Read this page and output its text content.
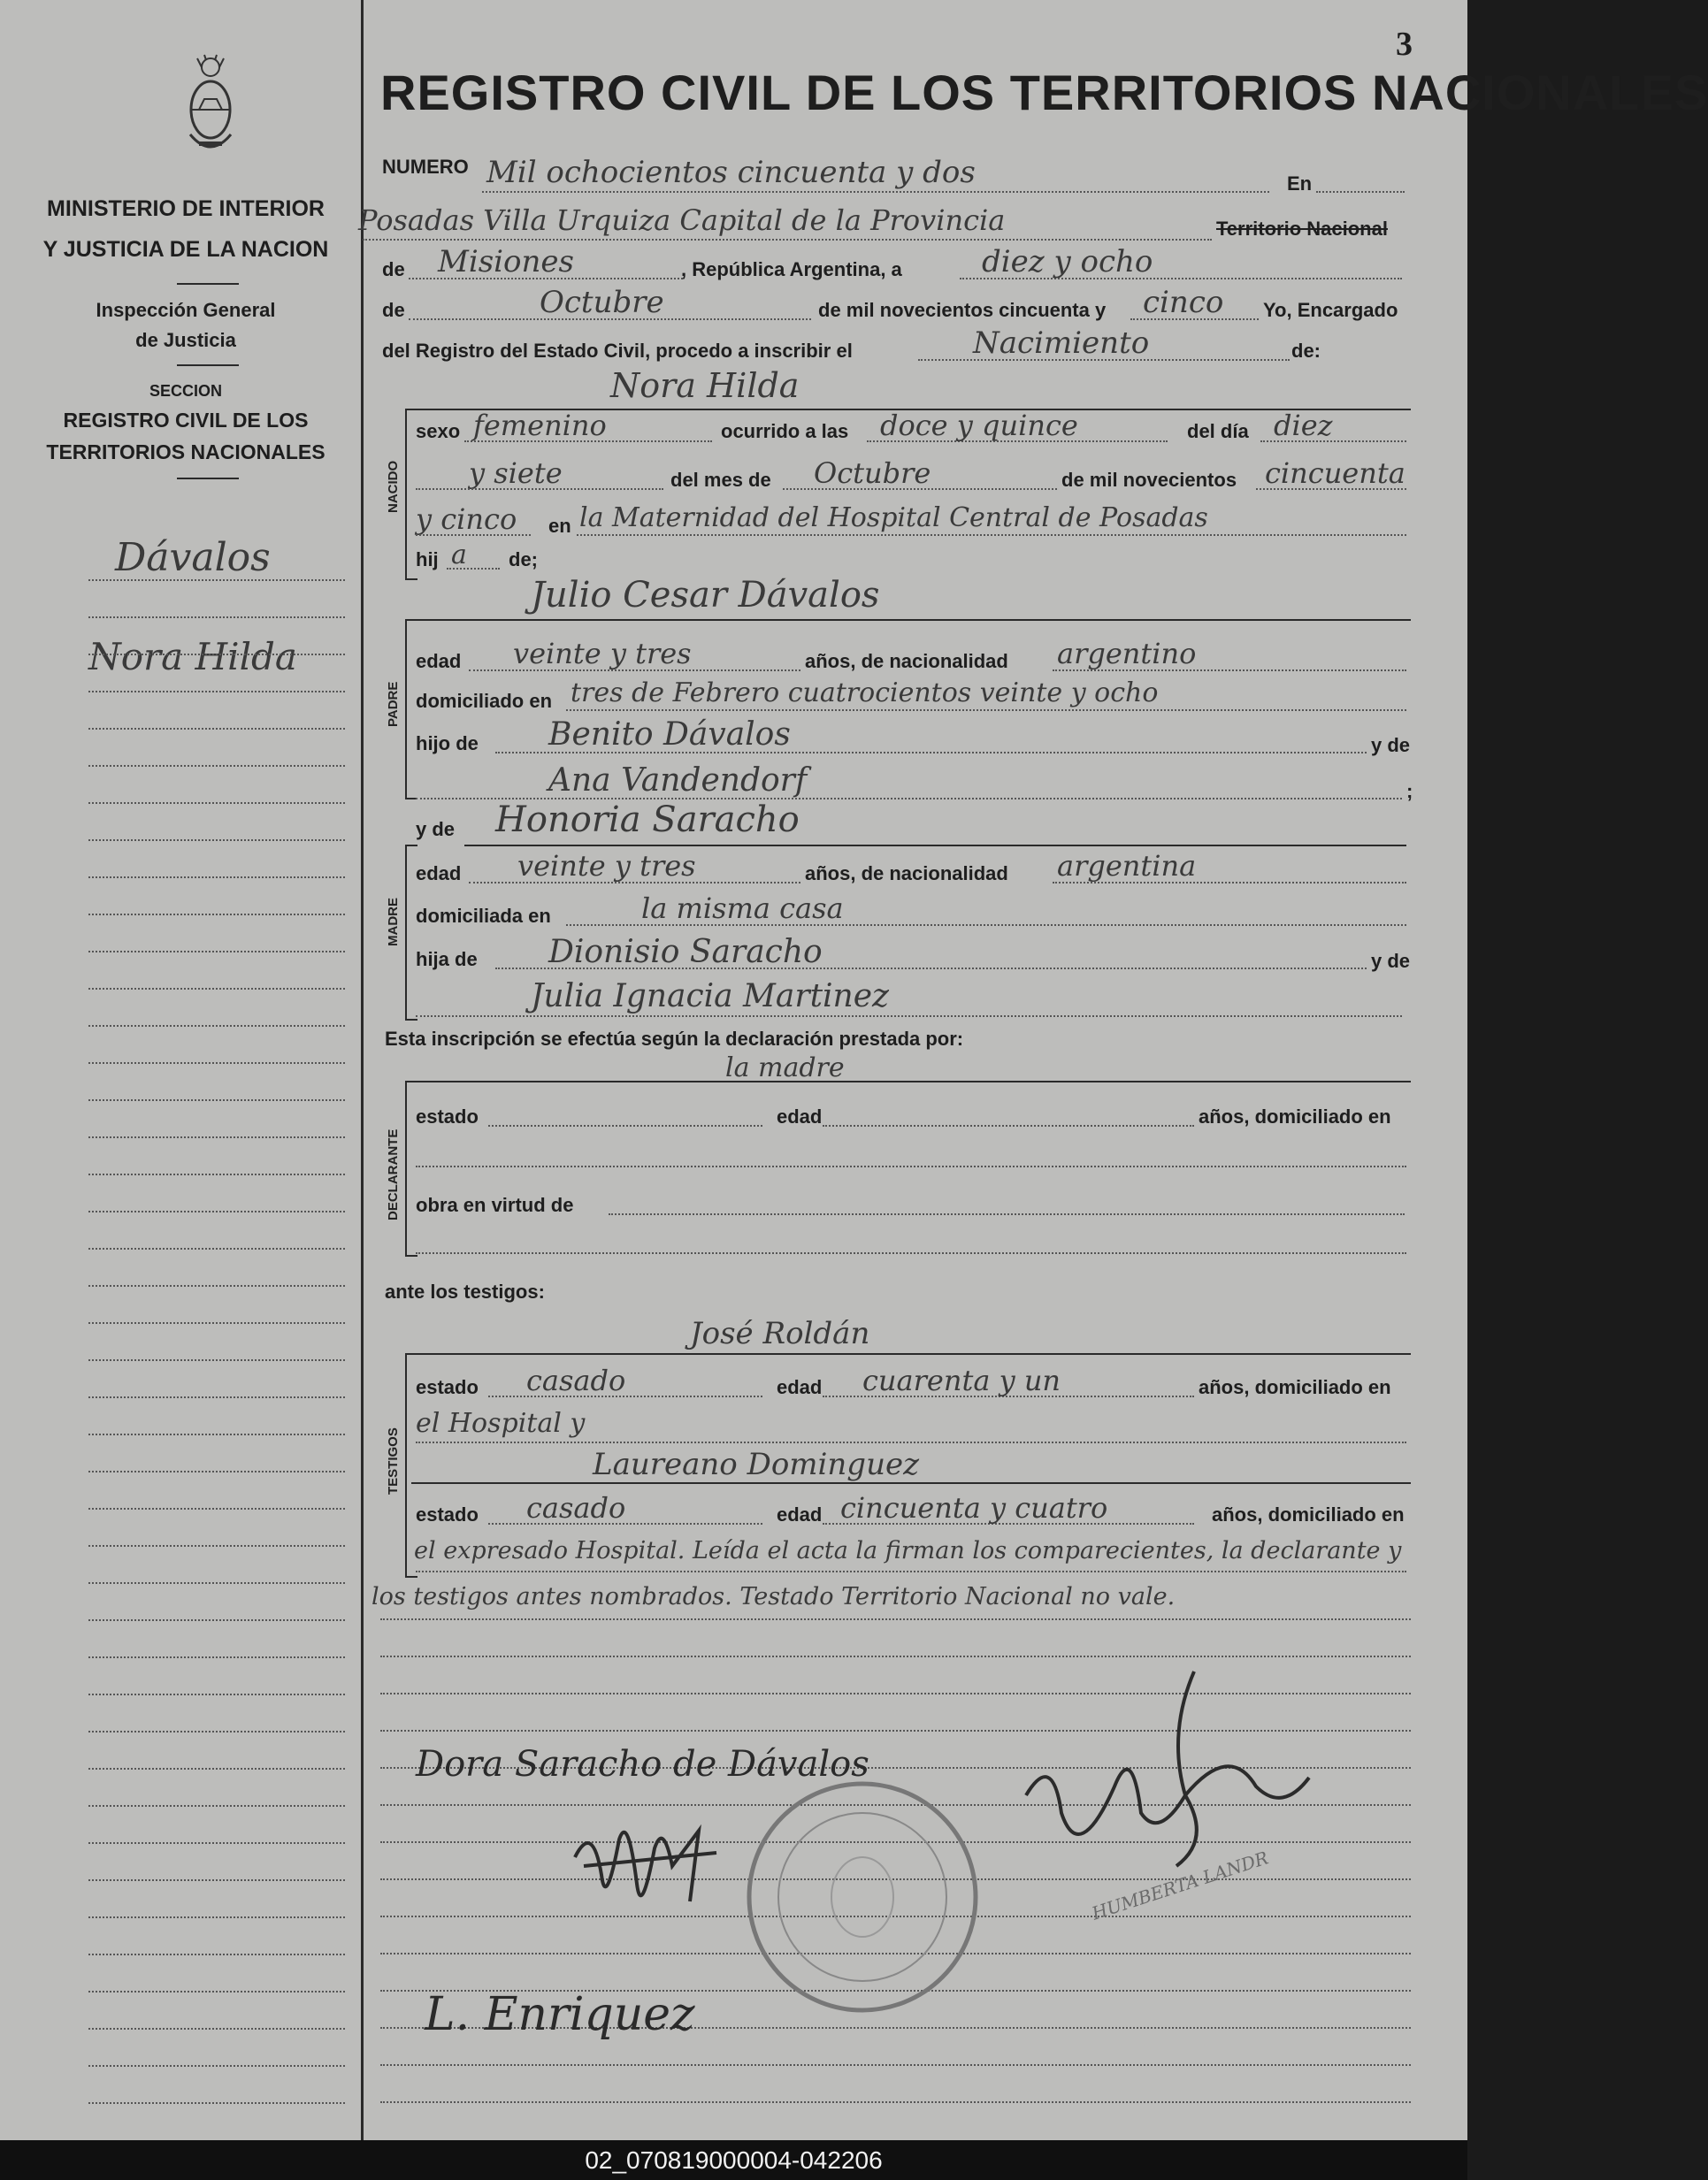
MINISTERIO DE INTERIOR
Y JUSTICIA DE LA NACION
Inspección General
de Justicia
SECCION
REGISTRO CIVIL DE LOS
TERRITORIOS NACIONALES
Dávalos
Nora Hilda
3
REGISTRO CIVIL DE LOS TERRITORIOS NACIONALES
NUMERO Mil ochocientos cincuenta y dos	En
Posadas Villa Urquiza Capital de la Provincia	Territorio Nacional
de Misiones	, República Argentina, a	diez y ocho
de	Octubre	de mil novecientos cincuenta y cinco Yo, Encargado
del Registro del Estado Civil, procedo a inscribir el	Nacimiento	de:
Nora Hilda
NACIDO
sexo femenino	ocurrido a las doce y quince	del día diez
y siete	del mes de Octubre	de mil novecientos cincuenta
y cinco en la Maternidad del Hospital Central de Posadas
hij a de;
Julio Cesar Dávalos
PADRE
edad veinte y tres	años, de nacionalidad argentino
domiciliado en tres de Febrero cuatrocientos veinte y ocho
hijo de Benito Dávalos	y de
Ana Vandendorf	;
y de Honoria Saracho
MADRE
edad veinte y tres	años, de nacionalidad argentina
domiciliada en	la misma casa
hija de Dionisio Saracho	y de
Julia Ignacia Martinez
Esta inscripción se efectúa según la declaración prestada por:
la madre
DECLARANTE
estado	edad	años, domiciliado en
obra en virtud de
ante los testigos:
José Roldán
TESTIGOS
estado casado	edad cuarenta y un	años, domiciliado en
el Hospital y
Laureano Dominguez
estado casado	edad cincuenta y cuatro	años, domiciliado en
el expresado Hospital. Leída el acta la firman los comparecientes, la declarante y
los testigos antes nombrados. Testado Territorio Nacional no vale.
Dora Saracho de Dávalos
HUMBERTA LANDR
L. Enriquez
02_070819000004-042206
